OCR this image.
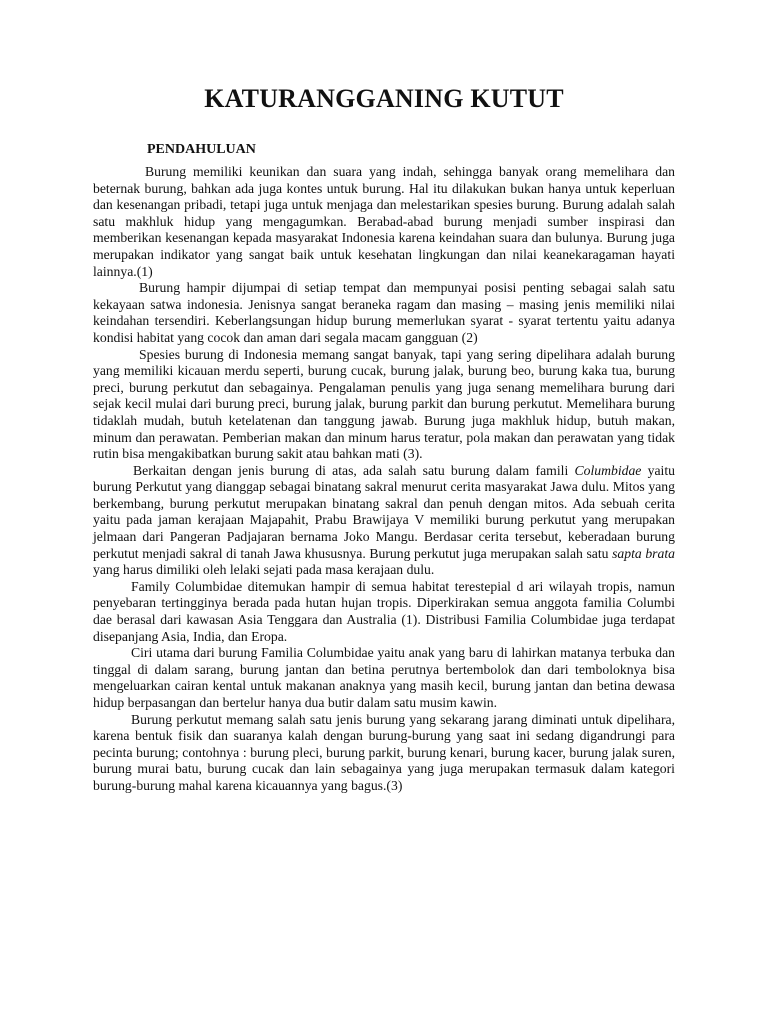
KATURANGGANING KUTUT
PENDAHULUAN

Burung memiliki keunikan dan suara yang indah, sehingga banyak orang memelihara dan beternak burung, bahkan ada juga kontes untuk burung. Hal itu dilakukan bukan hanya untuk keperluan dan kesenangan pribadi, tetapi juga untuk menjaga dan melestarikan spesies burung. Burung adalah salah satu makhluk hidup yang mengagumkan. Berabad-abad burung menjadi sumber inspirasi dan memberikan kesenangan kepada masyarakat Indonesia karena keindahan suara dan bulunya. Burung juga merupakan indikator yang sangat baik untuk kesehatan lingkungan dan nilai keanekaragaman hayati lainnya.(1)

Burung hampir dijumpai di setiap tempat dan mempunyai posisi penting sebagai salah satu kekayaan satwa indonesia. Jenisnya sangat beraneka ragam dan masing – masing jenis memiliki nilai keindahan tersendiri. Keberlangsungan hidup burung memerlukan syarat - syarat tertentu yaitu adanya kondisi habitat yang cocok dan aman dari segala macam gangguan (2)

Spesies burung di Indonesia memang sangat banyak, tapi yang sering dipelihara adalah burung yang memiliki kicauan merdu seperti, burung cucak, burung jalak, burung beo, burung kaka tua, burung preci, burung perkutut dan sebagainya. Pengalaman penulis yang juga senang memelihara burung dari sejak kecil mulai dari burung preci, burung jalak, burung parkit dan burung perkutut. Memelihara burung tidaklah mudah, butuh ketelatenan dan tanggung jawab. Burung juga makhluk hidup, butuh makan, minum dan perawatan. Pemberian makan dan minum harus teratur, pola makan dan perawatan yang tidak rutin bisa mengakibatkan burung sakit atau bahkan mati (3).

Berkaitan dengan jenis burung di atas, ada salah satu burung dalam famili Columbidae yaitu burung Perkutut yang dianggap sebagai binatang sakral menurut cerita masyarakat Jawa dulu. Mitos yang berkembang, burung perkutut merupakan binatang sakral dan penuh dengan mitos. Ada sebuah cerita yaitu pada jaman kerajaan Majapahit, Prabu Brawijaya V memiliki burung perkutut yang merupakan jelmaan dari Pangeran Padjajaran bernama Joko Mangu. Berdasar cerita tersebut, keberadaan burung perkutut menjadi sakral di tanah Jawa khususnya. Burung perkutut juga merupakan salah satu sapta brata yang harus dimiliki oleh lelaki sejati pada masa kerajaan dulu.

Family Columbidae ditemukan hampir di semua habitat terestерial d ari wilayah tropis, namun penyebaran tertingginya berada pada hutan hujan tropis. Diperkirakan semua anggota familia Columbi dae berasal dari kawasan Asia Tenggara dan Australia (1). Distribusi Familia Columbidae juga terdapat disepanjang Asia, India, dan Eropa.

Ciri utama dari burung Familia Columbidae yaitu anak yang baru di lahirkan matanya terbuka dan tinggal di dalam sarang, burung jantan dan betina perutnya bertembolok dan dari temboloknya bisa mengeluarkan cairan kental untuk makanan anaknya yang masih kecil, burung jantan dan betina dewasa hidup berpasangan dan bertelur hanya dua butir dalam satu musim kawin.

Burung perkutut memang salah satu jenis burung yang sekarang jarang diminati untuk dipelihara, karena bentuk fisik dan suaranya kalah dengan burung-burung yang saat ini sedang digandrungi para pecinta burung; contohnya : burung pleci, burung parkit, burung kenari, burung kacer, burung jalak suren, burung murai batu, burung cucak dan lain sebagainya yang juga merupakan termasuk dalam kategori burung-burung mahal karena kicauannya yang bagus.(3)
